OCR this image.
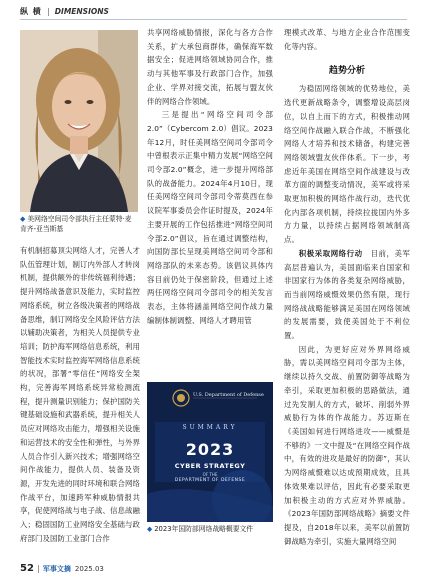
纵 横 DIMENSIONS
◆ 美网络空间司令部执行主任蒙特·麦肯齐-亚当斯基

有机制招募顶尖网络人才，完善人才队伍管理计划，制订内外部人才转岗机制，提供额外的非传统福利待遇；提升网络战备意识及能力，实时监控网络系统，树立各级决策者的网络战备思维，制订网络安全风险评估方法以辅助决策者，为相关人员提供专业培训；防护海军网络信息系统，利用智能技术实时监控海军网络信息系统的状况，部署“零信任”网络安全架构，完善海军网络系统异常检测流程，提升测量识别能力；保护国防关键基础设施和武器系统，提升相关人员应对网络攻击能力，增强相关设施和运营技术的安全性和弹性，与外界人员合作引入新兴技术；增强网络空间作战能力，提供人员、装备及资源，开发先进的同时环境和联合网络作战平台，加速跨军种威胁情报共享，促使网络战与电子战、信息战融入；稳固国防工业网络安全基础与政府部门及国防工业部门合作

共享网络威胁情报，深化与各方合作关系，扩大承包商群体，确保海军数据安全；促进网络领域协同合作，推动与其他军事及行政部门合作，加强企业、学界对接交流，拓展与盟友伙伴的网络合作领域。

三是提出“网络空间司令部2.0”（Cybercom 2.0）倡议。2023年12月，时任美网络空间司令部司令中曾根表示正集中精力发展“网络空间司令部2.0”概念，进一步提升网络部队的战备能力。2024年4月10日，现任美网络空间司令部司令蒂莫西在参议院军事委员会作证时提及，2024年主要开展的工作包括推进“网络空间司令部2.0”倡议，旨在通过调整结构，向国防部长呈现美网络空间司令部和网络部队的未来态势。该倡议具体内容目前仍处于保密阶段，但通过上述两任网络空间司令部司令的相关发言表态，主体将涵盖网络空间作战力量编制体制调整、网络人才聘用管

U.S. Department of Defense
SUMMARY
2023
CYBER STRATEGY
OF THE
DEPARTMENT OF DEFENSE
◆ 2023年国防部网络战略概要文件

理模式改革、与地方企业合作范围变化等内容。

趋势分析

为稳固网络领域的优势地位，美选代更新战略条令，调整增设高层岗位，以自上而下的方式，积极推动网络空间作战融入联合作战，不断强化网络人才培养和技术储备，构建完善网络领域盟友伙伴体系。下一步，考虑近年美国在网络空间作战建设与改革方面的调整变动情况，美军或将采取更加积极的网络作战行动，迭代优化内部各项机制，持续拉拢国内外多方力量，以持续占据网络领域制高点。

积极采取网络行动  目前，美军高层普遍认为，美国面临来自国家和非国家行为体的各类复杂网络威胁，而当前网络威慑效果仍然有限，现行网络战战略能够满足美国在网络领域的发展需要，致使美国处于不利位置。

因此，为更好应对外界网络威胁，需以美网络空间司令部为主体，继续以持久交战、前置防御等战略为牵引，采取更加积极的思路做法，通过先发制人的方式，破坏、削弱外界威胁行为体的作战能力。苏迈斯在《美国如何进行网络进攻——威慑是不够的》一文中提及“在网络空间作战中，有效的进攻是最好的防御”，其认为网络威慑难以达成预期成效，且具体效果难以评估，因此有必要采取更加积极主动的方式应对外界威胁。《2023年国防部网络战略》摘要文件提及，自2018年以来，美军以前置防御战略为牵引，实施大量网络空间

52 军事文摘 2025.03
